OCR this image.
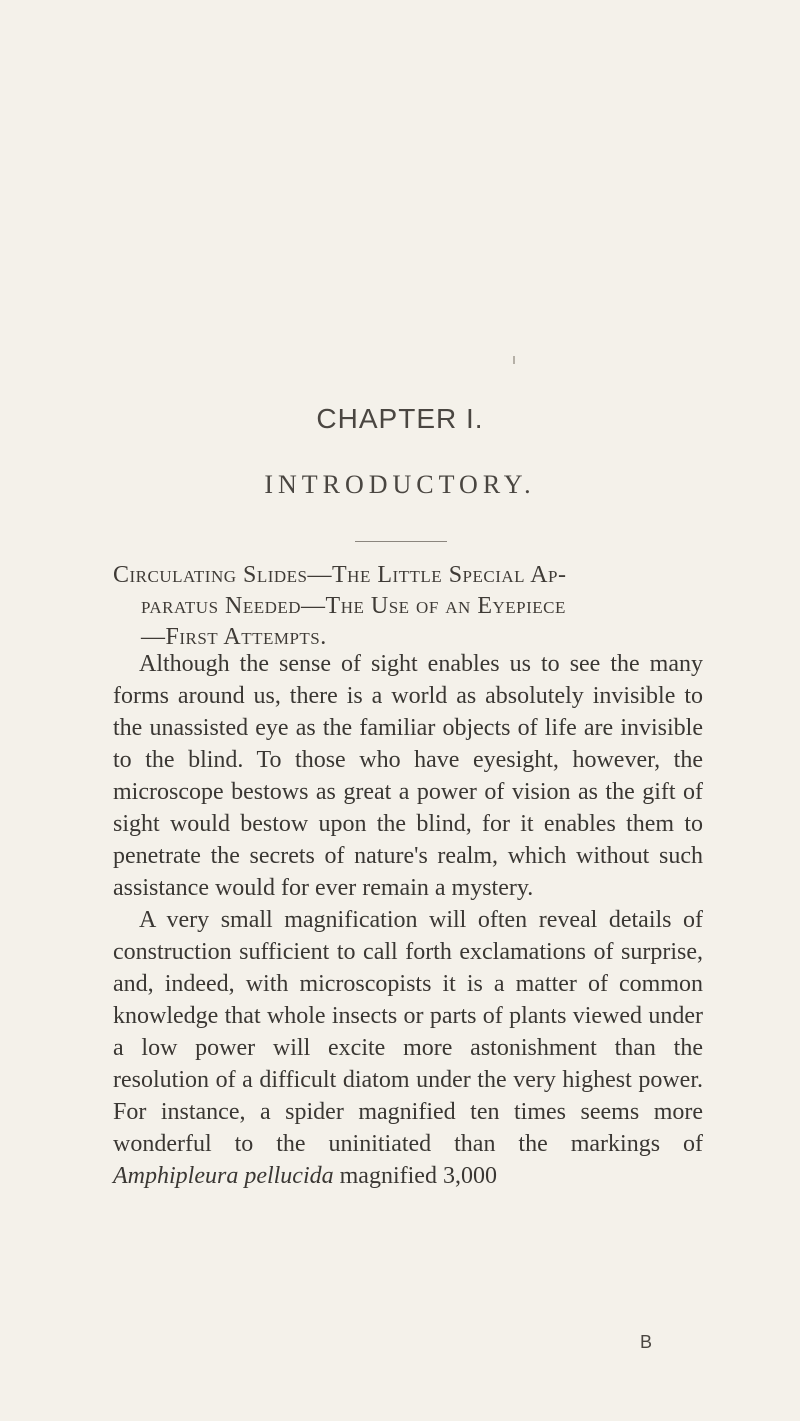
CHAPTER I.
INTRODUCTORY.
Circulating Slides—The Little Special Ap-
paratus Needed—The Use of an Eyepiece
—First Attempts.

Although the sense of sight enables us to see the many forms around us, there is a world as absolutely invisible to the unassisted eye as the familiar objects of life are invisible to the blind. To those who have eyesight, however, the microscope bestows as great a power of vision as the gift of sight would bestow upon the blind, for it enables them to penetrate the secrets of nature's realm, which without such assistance would for ever remain a mystery.

A very small magnification will often reveal details of construction sufficient to call forth exclamations of surprise, and, indeed, with microscopists it is a matter of common knowledge that whole insects or parts of plants viewed under a low power will excite more astonishment than the resolution of a difficult diatom under the very highest power. For instance, a spider magnified ten times seems more wonderful to the uninitiated than the markings of Amphipleura pellucida magnified 3,000

B
